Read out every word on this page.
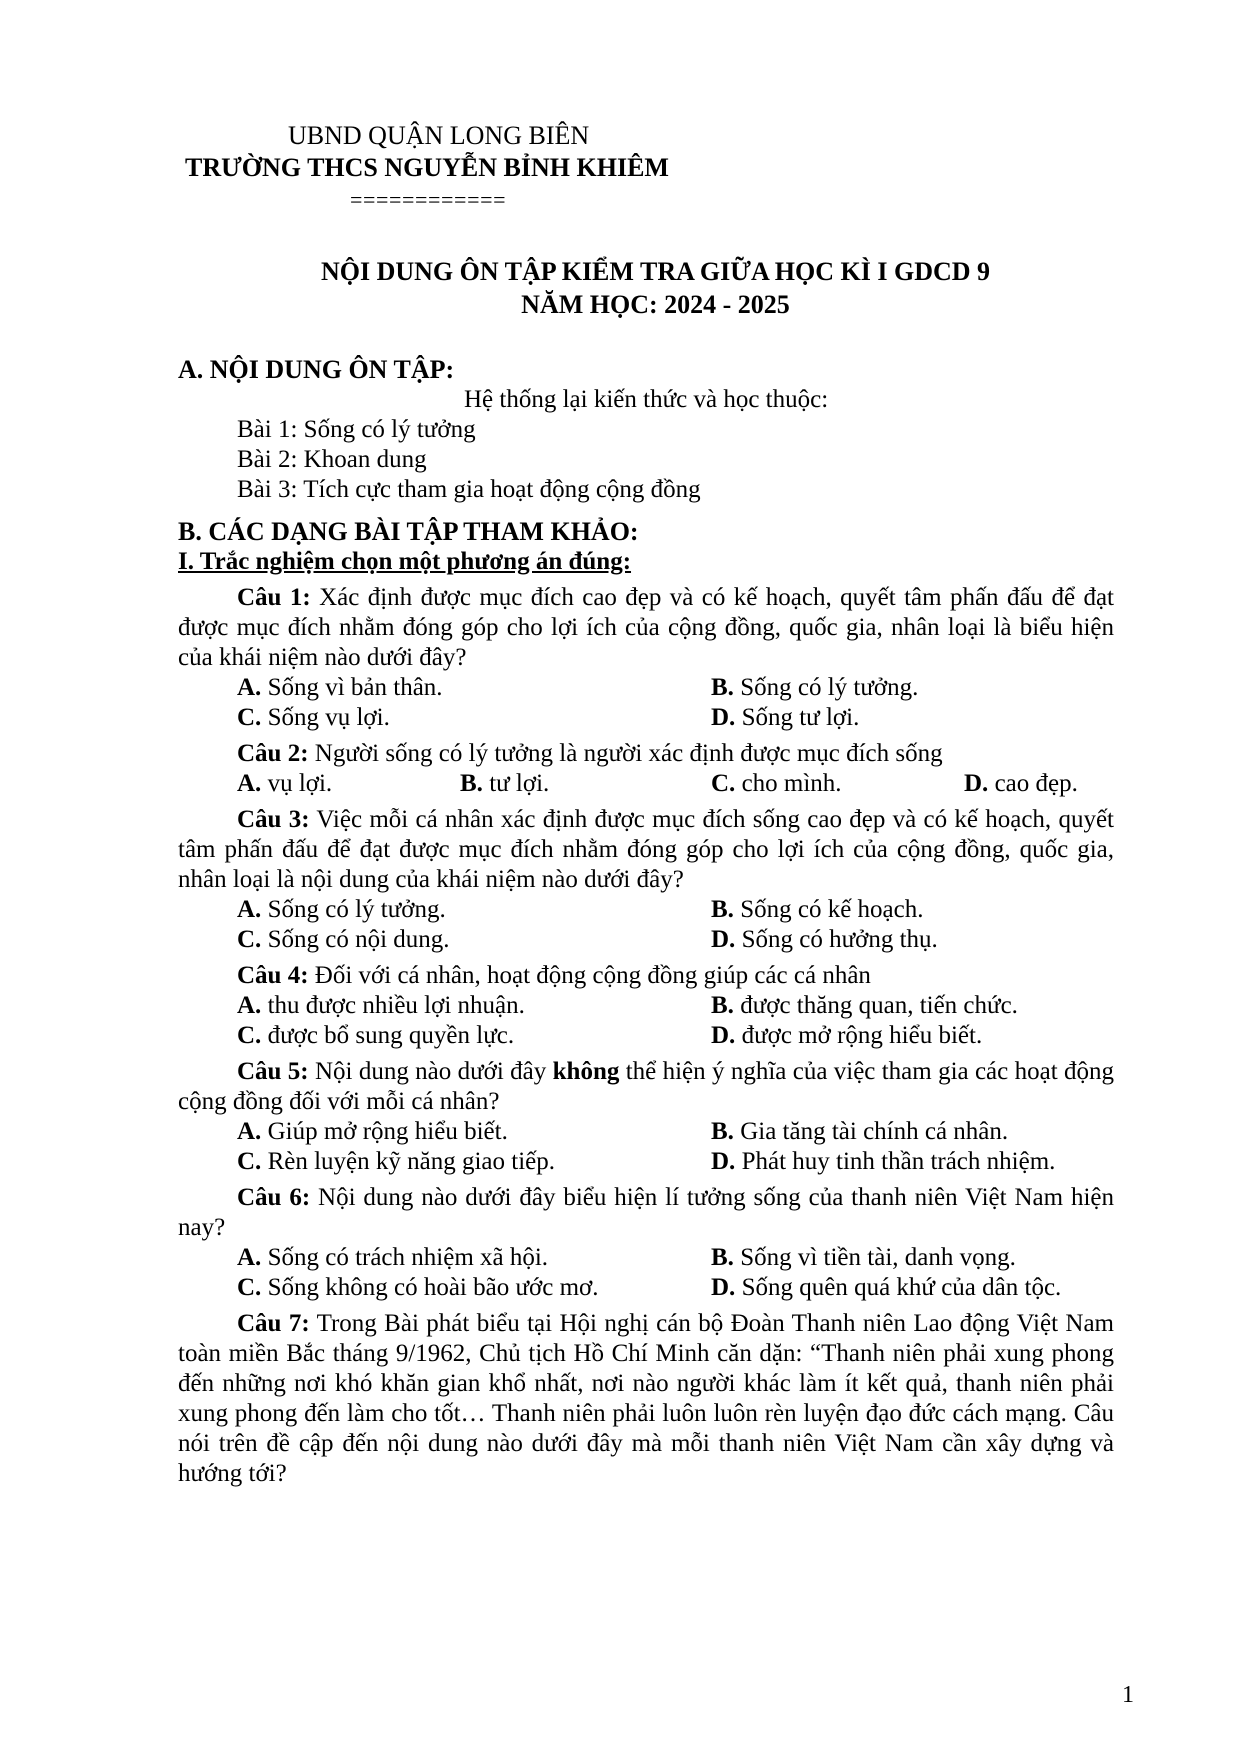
UBND QUẬN LONG BIÊN
TRƯỜNG THCS NGUYỄN BỈNH KHIÊM
============
NỘI DUNG ÔN TẬP KIỂM TRA GIỮA HỌC KÌ I GDCD 9
NĂM HỌC: 2024 - 2025

A. NỘI DUNG ÔN TẬP:

Hệ thống lại kiến thức và học thuộc:

Bài 1: Sống có lý tưởng

Bài 2: Khoan dung

Bài 3: Tích cực tham gia hoạt động cộng đồng

B. CÁC DẠNG BÀI TẬP THAM KHẢO:

I. Trắc nghiệm chọn một phương án đúng:

Câu 1: Xác định được mục đích cao đẹp và có kế hoạch, quyết tâm phấn đấu để đạt được mục đích nhằm đóng góp cho lợi ích của cộng đồng, quốc gia, nhân loại là biểu hiện của khái niệm nào dưới đây?

A. Sống vì bản thân.	B. Sống có lý tưởng.
C. Sống vụ lợi.	D. Sống tư lợi.

Câu 2: Người sống có lý tưởng là người xác định được mục đích sống

A. vụ lợi.	B. tư lợi.	C. cho mình.	D. cao đẹp.

Câu 3: Việc mỗi cá nhân xác định được mục đích sống cao đẹp và có kế hoạch, quyết tâm phấn đấu để đạt được mục đích nhằm đóng góp cho lợi ích của cộng đồng, quốc gia, nhân loại là nội dung của khái niệm nào dưới đây?

A. Sống có lý tưởng.	B. Sống có kế hoạch.
C. Sống có nội dung.	D. Sống có hưởng thụ.

Câu 4: Đối với cá nhân, hoạt động cộng đồng giúp các cá nhân

A. thu được nhiều lợi nhuận.	B. được thăng quan, tiến chức.
C. được bổ sung quyền lực.	D. được mở rộng hiểu biết.

Câu 5: Nội dung nào dưới đây không thể hiện ý nghĩa của việc tham gia các hoạt động cộng đồng đối với mỗi cá nhân?

A. Giúp mở rộng hiểu biết.	B. Gia tăng tài chính cá nhân.
C. Rèn luyện kỹ năng giao tiếp.	D. Phát huy tinh thần trách nhiệm.

Câu 6: Nội dung nào dưới đây biểu hiện lí tưởng sống của thanh niên Việt Nam hiện nay?

A. Sống có trách nhiệm xã hội.	B. Sống vì tiền tài, danh vọng.
C. Sống không có hoài bão ước mơ.	D. Sống quên quá khứ của dân tộc.

Câu 7: Trong Bài phát biểu tại Hội nghị cán bộ Đoàn Thanh niên Lao động Việt Nam toàn miền Bắc tháng 9/1962, Chủ tịch Hồ Chí Minh căn dặn: “Thanh niên phải xung phong đến những nơi khó khăn gian khổ nhất, nơi nào người khác làm ít kết quả, thanh niên phải xung phong đến làm cho tốt… Thanh niên phải luôn luôn rèn luyện đạo đức cách mạng. Câu nói trên đề cập đến nội dung nào dưới đây mà mỗi thanh niên Việt Nam cần xây dựng và hướng tới?

1
